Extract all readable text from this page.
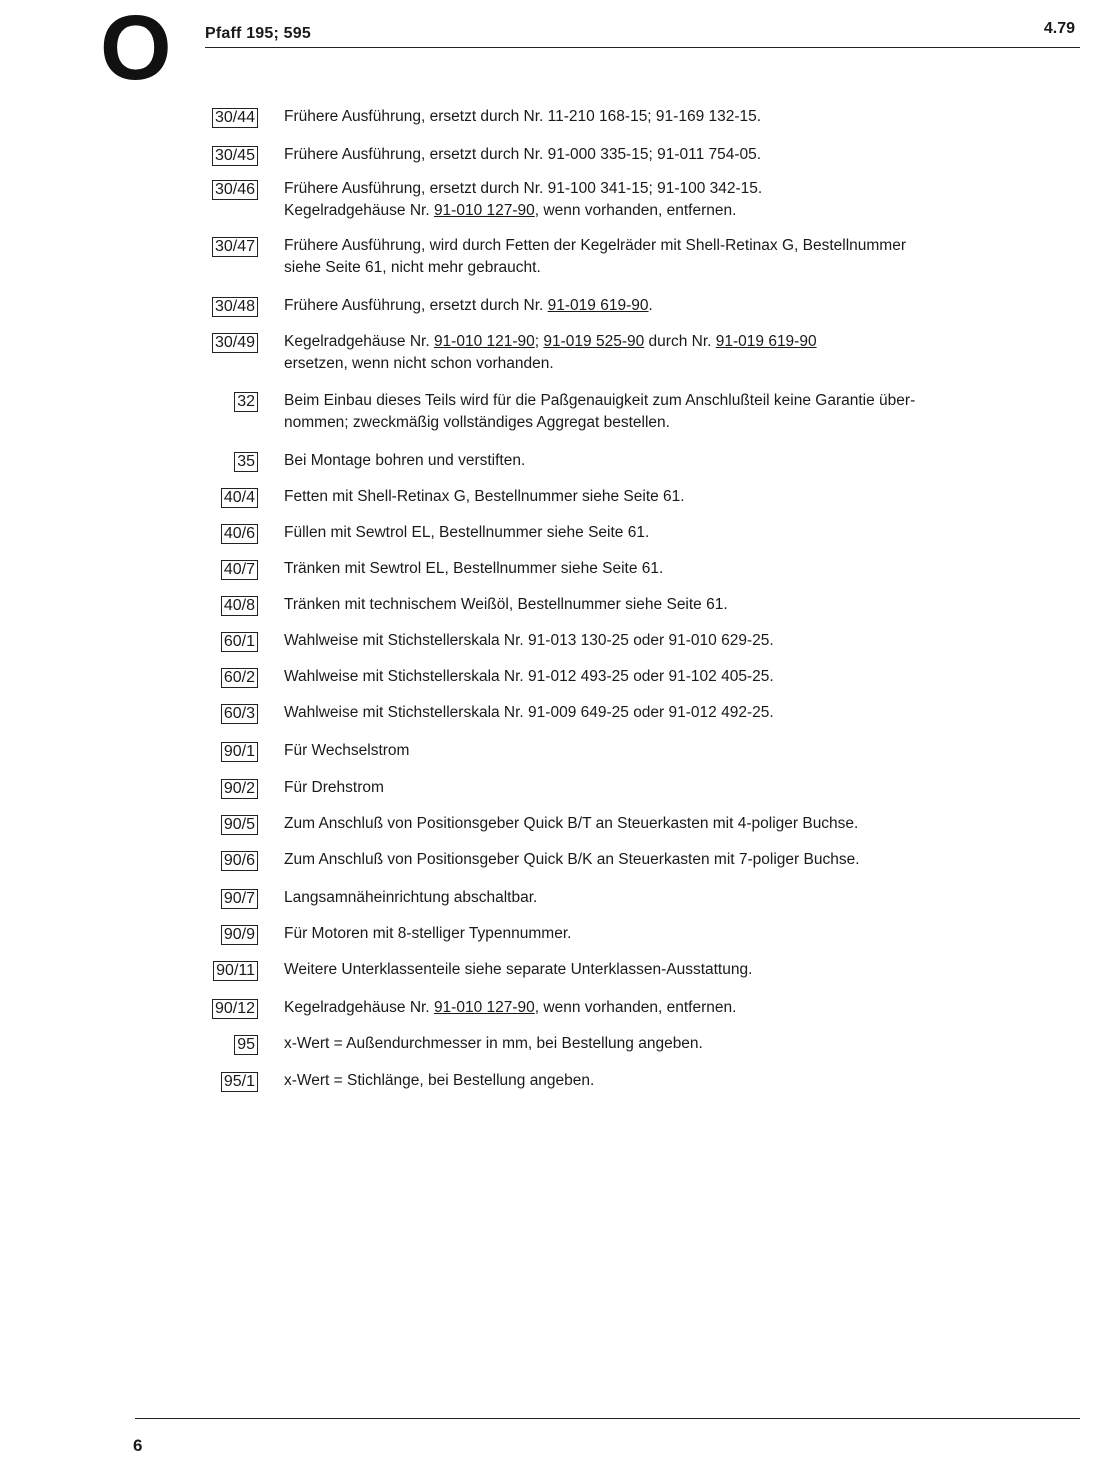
O Pfaff 195; 595	4.79
30/44 Frühere Ausführung, ersetzt durch Nr. 11-210 168-15; 91-169 132-15.
30/45 Frühere Ausführung, ersetzt durch Nr. 91-000 335-15; 91-011 754-05.
30/46 Frühere Ausführung, ersetzt durch Nr. 91-100 341-15; 91-100 342-15.
Kegelradgehäuse Nr. 91-010 127-90, wenn vorhanden, entfernen.
30/47 Frühere Ausführung, wird durch Fetten der Kegelräder mit Shell-Retinax G, Bestellnummer
siehe Seite 61, nicht mehr gebraucht.
30/48 Frühere Ausführung, ersetzt durch Nr. 91-019 619-90.
30/49 Kegelradgehäuse Nr. 91-010 121-90; 91-019 525-90 durch Nr. 91-019 619-90
ersetzen, wenn nicht schon vorhanden.
32 Beim Einbau dieses Teils wird für die Paßgenauigkeit zum Anschlußteil keine Garantie über-
nommen; zweckmäßig vollständiges Aggregat bestellen.
35 Bei Montage bohren und verstiften.
40/4 Fetten mit Shell-Retinax G, Bestellnummer siehe Seite 61.
40/6 Füllen mit Sewtrol EL, Bestellnummer siehe Seite 61.
40/7 Tränken mit Sewtrol EL, Bestellnummer siehe Seite 61.
40/8 Tränken mit technischem Weißöl, Bestellnummer siehe Seite 61.
60/1 Wahlweise mit Stichstellerskala Nr. 91-013 130-25 oder 91-010 629-25.
60/2 Wahlweise mit Stichstellerskala Nr. 91-012 493-25 oder 91-102 405-25.
60/3 Wahlweise mit Stichstellerskala Nr. 91-009 649-25 oder 91-012 492-25.
90/1 Für Wechselstrom
90/2 Für Drehstrom
90/5 Zum Anschluß von Positionsgeber Quick B/T an Steuerkasten mit 4-poliger Buchse.
90/6 Zum Anschluß von Positionsgeber Quick B/K an Steuerkasten mit 7-poliger Buchse.
90/7 Langsamnäheinrichtung abschaltbar.
90/9 Für Motoren mit 8-stelliger Typennummer.
90/11 Weitere Unterklassenteile siehe separate Unterklassen-Ausstattung.
90/12 Kegelradgehäuse Nr. 91-010 127-90, wenn vorhanden, entfernen.
95 x-Wert = Außendurchmesser in mm, bei Bestellung angeben.
95/1 x-Wert = Stichlänge, bei Bestellung angeben.
6
